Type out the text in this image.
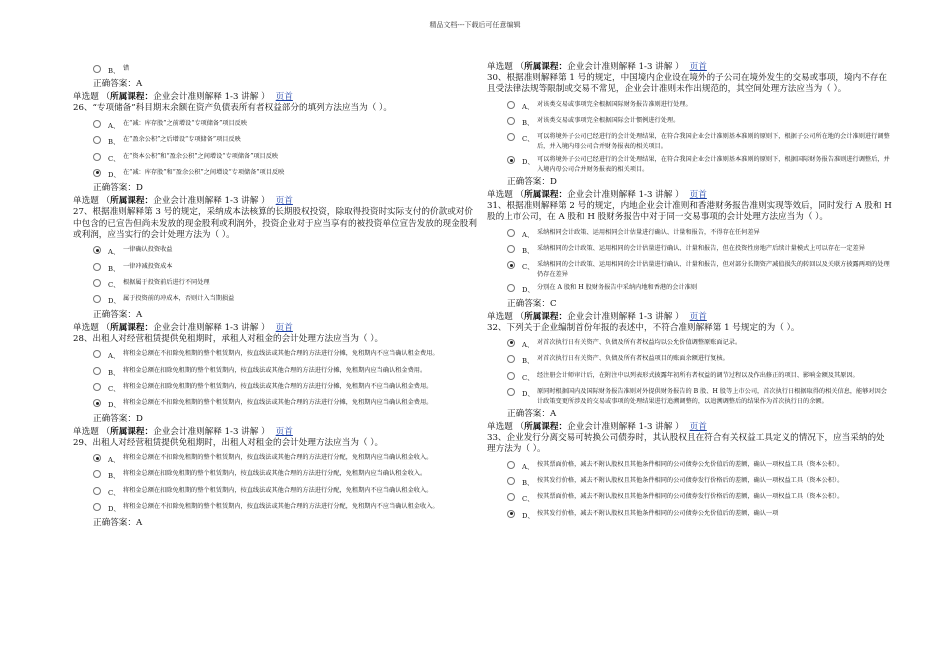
精品文档---下载后可任意编辑
B、 错
正确答案：A
单选题 （所属课程：企业会计准则解释 1-3 讲解 ） 页首
26、“专项储备”科目期末余额在资产负债表所有者权益部分的填列方法应当为（ ）。
A、 在“减：库存股”之前增设“专项储备”项目反映
B、 在“盈余公积”之后增设“专项储备”项目反映
C、 在“资本公积”和“盈余公积”之间增设“专项储备”项目反映
D、 在“减：库存股”和“盈余公积”之间增设“专项储备”项目反映
正确答案：D
单选题 （所属课程：企业会计准则解释 1-3 讲解 ） 页首
27、根据准则解释第 3 号的规定，采纳成本法核算的长期股权投资，除取得投资时实际支付的价款或对价中包含的已宣告但尚未发放的现金股利或利润外，投资企业对于应当享有的被投资单位宣告发放的现金股利或利润，应当实行的会计处理方法为（ ）。
A、 一律确认投资收益
B、 一律冲减投资成本
C、 根据属于投资前后进行不同处理
D、 属于投资前的冲成本，否则计入当期损益
正确答案：A
单选题 （所属课程：企业会计准则解释 1-3 讲解 ） 页首
28、出租人对经营租赁提供免租期时，承租人对租金的会计处理方法应当为（ ）。
A、 将租金总额在不扣除免租期的整个租赁期内，按直线法或其他合理的方法进行分摊，免租期内不应当确认租金费用。
B、 将租金总额在扣除免租期的整个租赁期内，按直线法或其他合理的方法进行分摊，免租期内应当确认租金费用。
C、 将租金总额在扣除免租期的整个租赁期内，按直线法或其他合理的方法进行分摊，免租期内不应当确认租金费用。
D、 将租金总额在不扣除免租期的整个租赁期内，按直线法或其他合理的方法进行分摊，免租期内应当确认租金费用。
正确答案：D
单选题 （所属课程：企业会计准则解释 1-3 讲解 ） 页首
29、出租人对经营租赁提供免租期时，出租人对租金的会计处理方法应当为（ ）。
A、 将租金总额在不扣除免租期的整个租赁期内，按直线法或其他合理的方法进行分配，免租期内应当确认租金收入。
B、 将租金总额在扣除免租期的整个租赁期内，按直线法或其他合理的方法进行分配，免租期内应当确认租金收入。
C、 将租金总额在扣除免租期的整个租赁期内，按直线法或其他合理的方法进行分配，免租期内不应当确认租金收入。
D、 将租金总额在不扣除免租期的整个租赁期内，按直线法或其他合理的方法进行分配，免租期内不应当确认租金收入。
正确答案：A
单选题 （所属课程：企业会计准则解释 1-3 讲解 ） 页首
30、根据准则解释第 1 号的规定，中国境内企业设在境外的子公司在境外发生的交易或事项，境内不存在且受法律法规等限制或交易不常见，企业会计准则未作出规范的，其空间处理方法应当为（ ）。
A、 对该类交易或事项完全根据国际财务报告准则进行处理。
B、 对该类交易或事项完全根据国际会计惯例进行处理。
C、 可以将境外子公司已经进行的会计处理结果，在符合我国企业会计准则基本准则的原则下，根据子公司所在地的会计准则进行调整后，并入境内母公司合并财务报表的相关项目。
D、 可以将境外子公司已经进行的会计处理结果，在符合我国企业会计准则基本准则的原则下，根据国际财务报告准则进行调整后，并入境内母公司合并财务报表的相关项目。
正确答案：D
单选题 （所属课程：企业会计准则解释 1-3 讲解 ） 页首
31、根据准则解释第 2 号的规定，内地企业会计准则和香港财务报告准则实现等效后，同时发行 A 股和 H 股的上市公司，在 A 股和 H 股财务报告中对于同一交易事项的会计处理方法应当为（ ）。
A、 采纳相同会计政策、运用相同会计估量进行确认、计量和报告，不得存在任何差异
B、 采纳相同的会计政策、运用相同的会计估量进行确认、计量和报告，但在投资性房地产后续计量模式上可以存在一定差异
C、 采纳相同的会计政策、运用相同的会计估量进行确认、计量和报告，但对部分长期资产减值损失的转回以及关联方披露两项的处理仍存在差异
D、 分别在 A 股和 H 股财务报告中采纳内地和香港的会计准则
正确答案：C
单选题 （所属课程：企业会计准则解释 1-3 讲解 ） 页首
32、下列关于企业编制首份年报的表述中，不符合准则解释第 1 号规定的为（ ）。
A、 对首次执行日有关资产、负债及所有者权益均以公允价值调整原账面记录。
B、 对首次执行日有关资产、负债及所有者权益项目的账面余额进行复核。
C、 经注册会计师审计后，在附注中以列表形式披露年初所有者权益的调节过程以及作出修正的项目、影响金额及其原因。
D、 原同时根据国内及国际财务报告准则对外提供财务报告的 B 股、H 股等上市公司，首次执行日根据取得的相关信息，能够对因会计政策变更所涉及的交易或事项的处理结果进行追溯调整的，以追溯调整后的结果作为首次执行日的余额。
正确答案：A
单选题 （所属课程：企业会计准则解释 1-3 讲解 ） 页首
33、企业发行分离交易可转换公司债券时，其认股权且在符合有关权益工具定义的情况下，应当采纳的处理方法为（ ）。
A、 按其票面价格，减去不附认股权且其他条件相同的公司债券公允价值后的差额，确认一项权益工具（资本公积）。
B、 按其发行价格，减去不附认股权且其他条件相同的公司债券发行价格后的差额，确认一项权益工具（资本公积）。
C、 按其票面价格，减去不附认股权且其他条件相同的公司债券发行价格后的差额，确认一项权益工具（资本公积）。
D、 按其发行价格，减去不附认股权且其他条件相同的公司债券公允价值后的差额，确认一项
